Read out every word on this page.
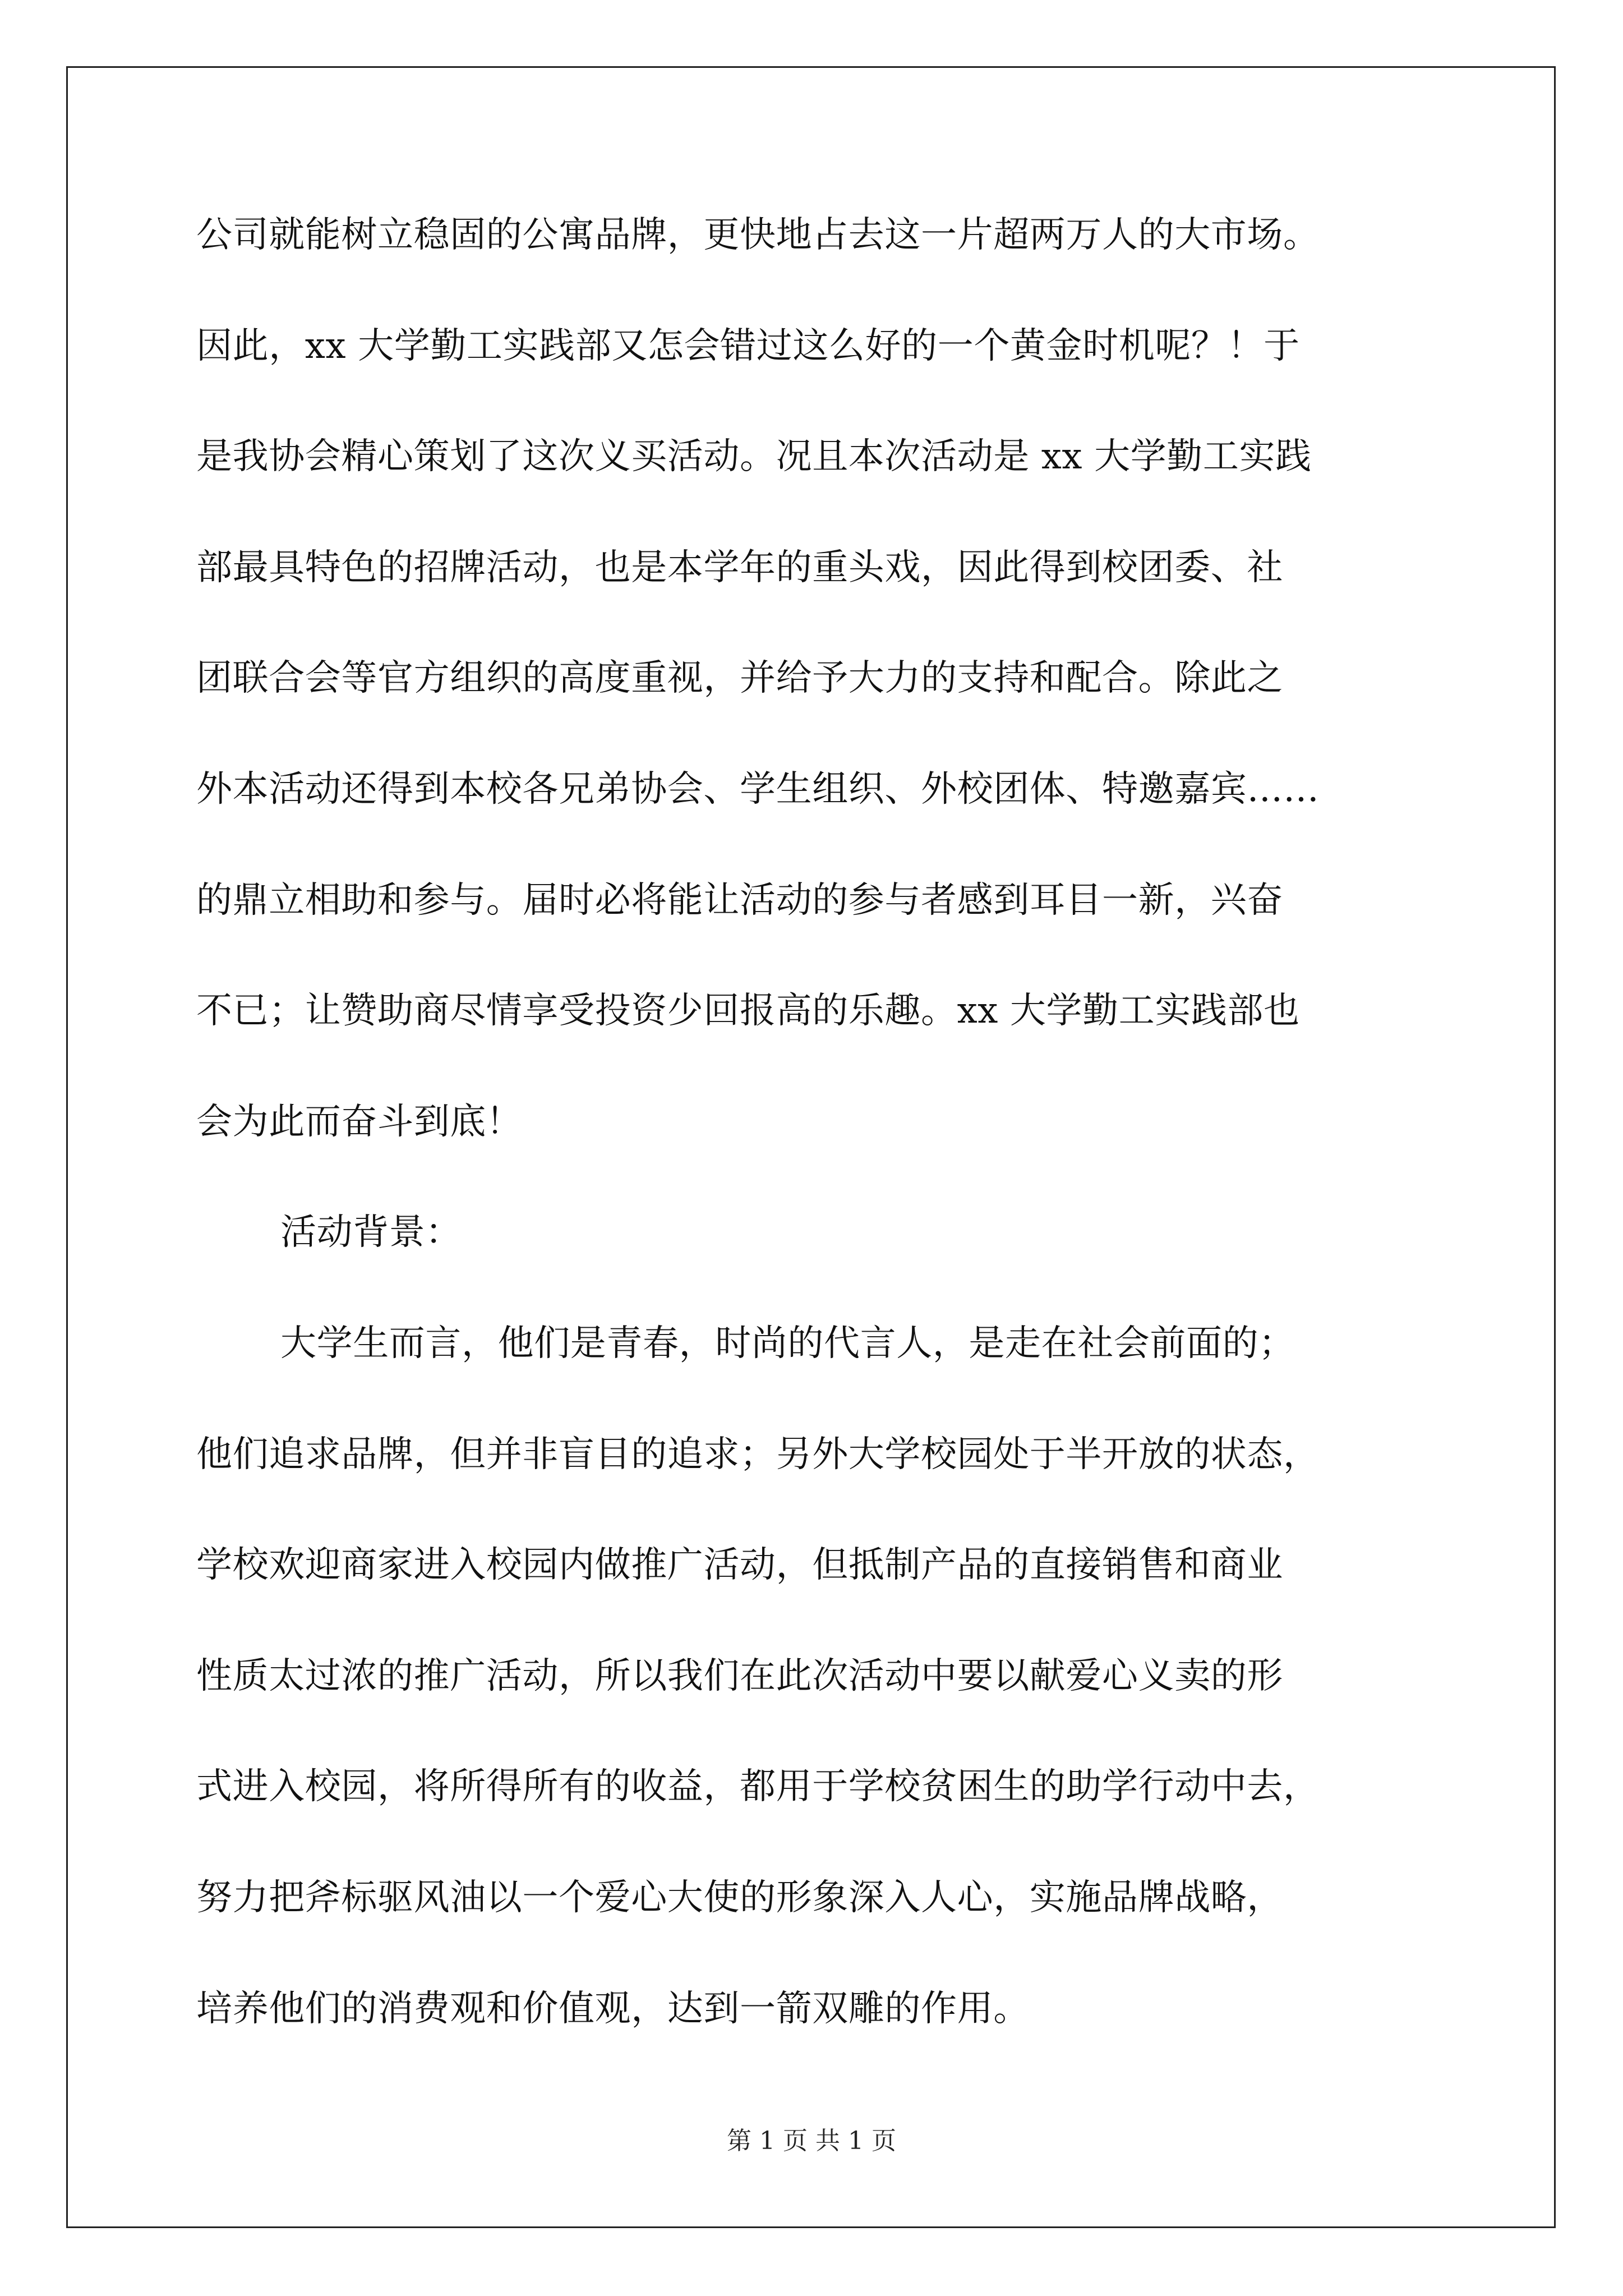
公司就能树立稳固的公寓品牌，更快地占去这一片超两万人的大市场。
因此，xx 大学勤工实践部又怎会错过这么好的一个黄金时机呢？！于
是我协会精心策划了这次义买活动。况且本次活动是 xx 大学勤工实践
部最具特色的招牌活动，也是本学年的重头戏，因此得到校团委、社
团联合会等官方组织的高度重视，并给予大力的支持和配合。除此之
外本活动还得到本校各兄弟协会、学生组织、外校团体、特邀嘉宾……
的鼎立相助和参与。届时必将能让活动的参与者感到耳目一新，兴奋
不已；让赞助商尽情享受投资少回报高的乐趣。xx 大学勤工实践部也
会为此而奋斗到底！
活动背景：
大学生而言，他们是青春，时尚的代言人，是走在社会前面的；
他们追求品牌，但并非盲目的追求；另外大学校园处于半开放的状态，
学校欢迎商家进入校园内做推广活动，但抵制产品的直接销售和商业
性质太过浓的推广活动，所以我们在此次活动中要以献爱心义卖的形
式进入校园，将所得所有的收益，都用于学校贫困生的助学行动中去，
努力把斧标驱风油以一个爱心大使的形象深入人心，实施品牌战略，
培养他们的消费观和价值观，达到一箭双雕的作用。
第 1 页 共 1 页
